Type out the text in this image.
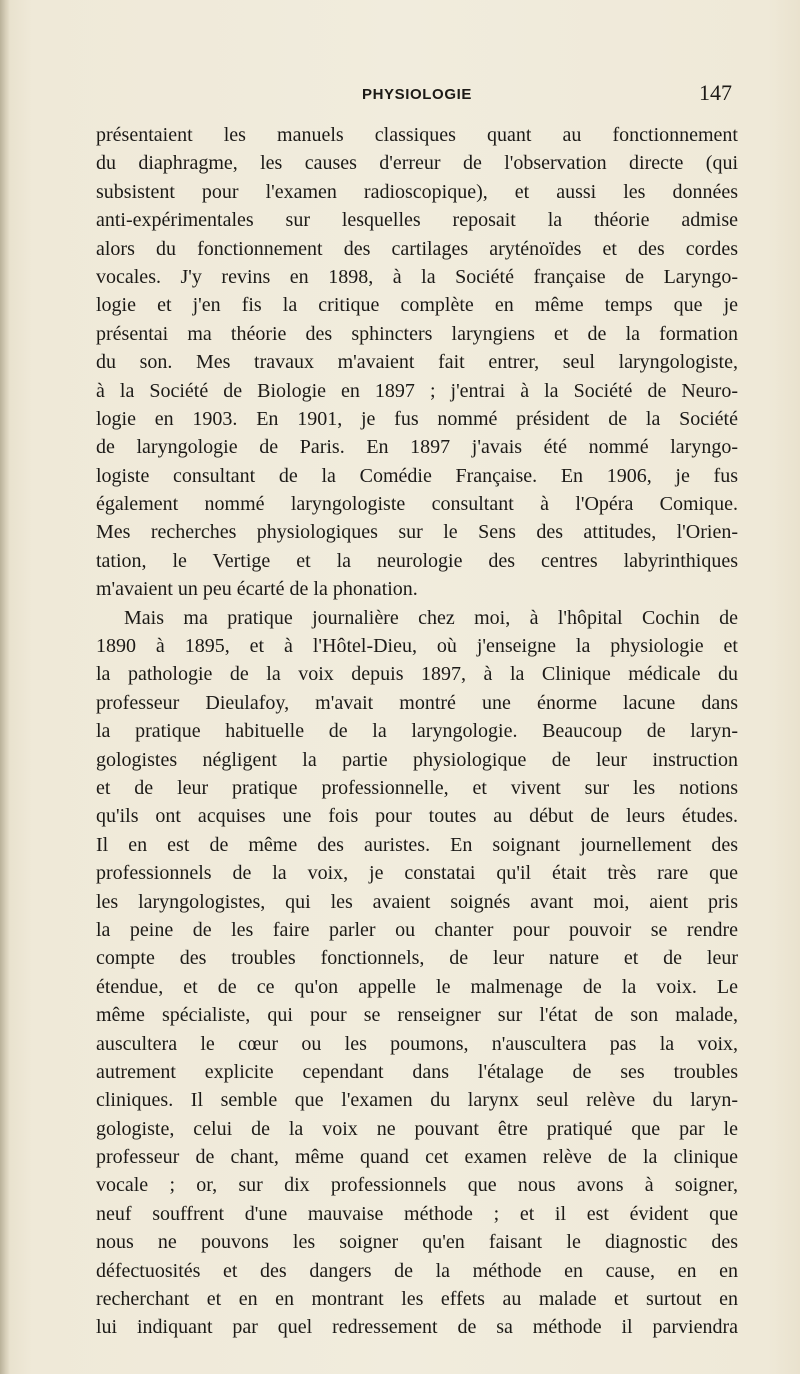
PHYSIOLOGIE	147
présentaient les manuels classiques quant au fonctionnement
du diaphragme, les causes d'erreur de l'observation directe (qui
subsistent pour l'examen radioscopique), et aussi les données
anti-expérimentales sur lesquelles reposait la théorie admise
alors du fonctionnement des cartilages aryténoïdes et des cordes
vocales. J'y revins en 1898, à la Société française de Laryngo-
logie et j'en fis la critique complète en même temps que je
présentai ma théorie des sphincters laryngiens et de la formation
du son. Mes travaux m'avaient fait entrer, seul laryngologiste,
à la Société de Biologie en 1897 ; j'entrai à la Société de Neuro-
logie en 1903. En 1901, je fus nommé président de la Société
de laryngologie de Paris. En 1897 j'avais été nommé laryngo-
logiste consultant de la Comédie Française. En 1906, je fus
également nommé laryngologiste consultant à l'Opéra Comique.
Mes recherches physiologiques sur le Sens des attitudes, l'Orien-
tation, le Vertige et la neurologie des centres labyrinthiques
m'avaient un peu écarté de la phonation.
Mais ma pratique journalière chez moi, à l'hôpital Cochin de
1890 à 1895, et à l'Hôtel-Dieu, où j'enseigne la physiologie et
la pathologie de la voix depuis 1897, à la Clinique médicale du
professeur Dieulafoy, m'avait montré une énorme lacune dans
la pratique habituelle de la laryngologie. Beaucoup de laryn-
gologistes négligent la partie physiologique de leur instruction
et de leur pratique professionnelle, et vivent sur les notions
qu'ils ont acquises une fois pour toutes au début de leurs études.
Il en est de même des auristes. En soignant journellement des
professionnels de la voix, je constatai qu'il était très rare que
les laryngologistes, qui les avaient soignés avant moi, aient pris
la peine de les faire parler ou chanter pour pouvoir se rendre
compte des troubles fonctionnels, de leur nature et de leur
étendue, et de ce qu'on appelle le malmenage de la voix. Le
même spécialiste, qui pour se renseigner sur l'état de son malade,
auscultera le cœur ou les poumons, n'auscultera pas la voix,
autrement explicite cependant dans l'étalage de ses troubles
cliniques. Il semble que l'examen du larynx seul relève du laryn-
gologiste, celui de la voix ne pouvant être pratiqué que par le
professeur de chant, même quand cet examen relève de la clinique
vocale ; or, sur dix professionnels que nous avons à soigner,
neuf souffrent d'une mauvaise méthode ; et il est évident que
nous ne pouvons les soigner qu'en faisant le diagnostic des
défectuosités et des dangers de la méthode en cause, en en
recherchant et en en montrant les effets au malade et surtout en
lui indiquant par quel redressement de sa méthode il parviendra
